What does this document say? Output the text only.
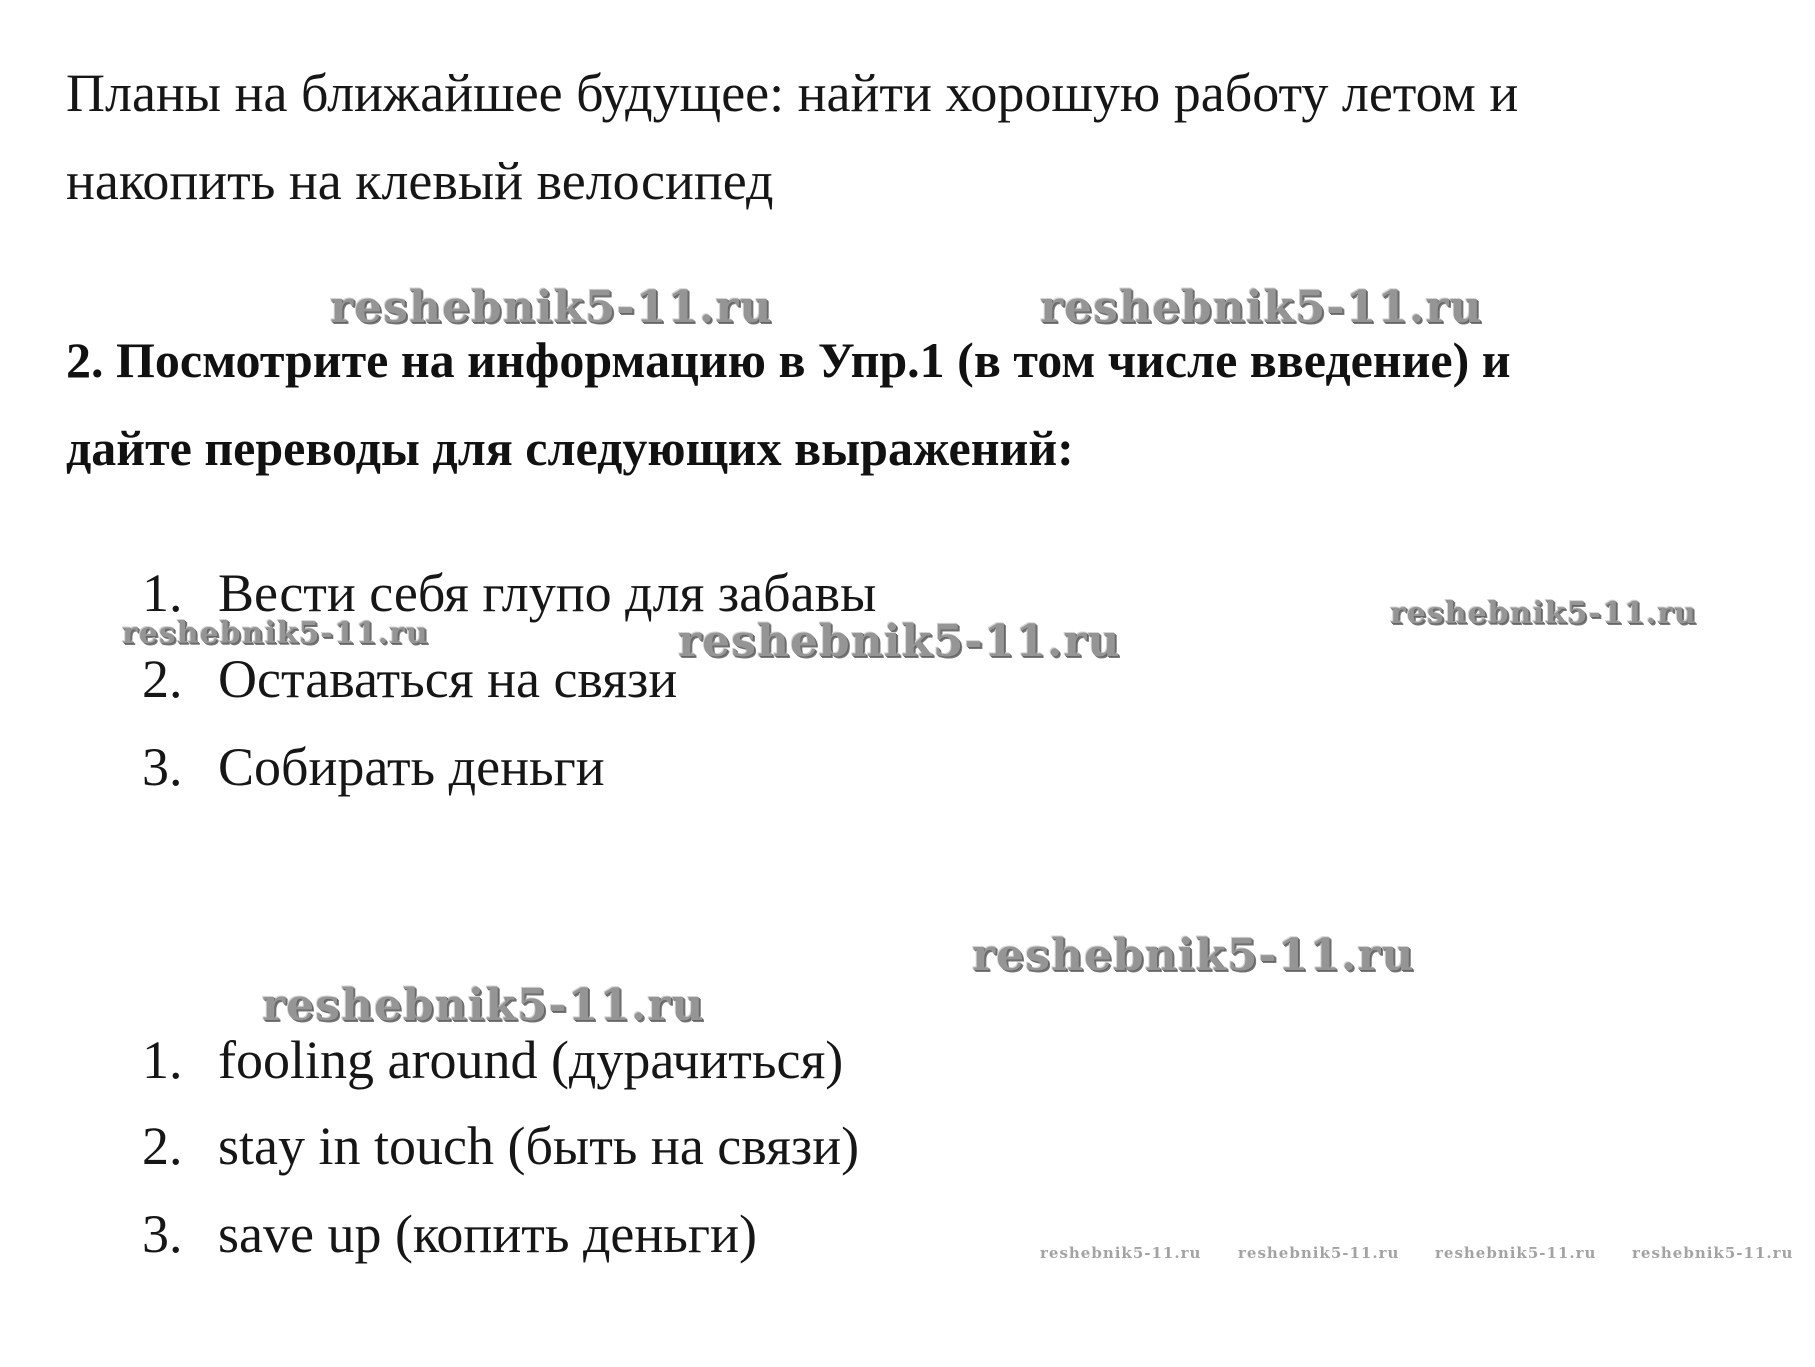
Планы на ближайшее будущее: найти хорошую работу летом и
накопить на клевый велосипед
2. Посмотрите на информацию в Упр.1 (в том числе введение) и
дайте переводы для следующих выражений:
1. Вести себя глупо для забавы
2. Оставаться на связи
3. Собирать деньги
1. fooling around (дурачиться)
2. stay in touch (быть на связи)
3. save up (копить деньги)
reshebnik5-11.ru	reshebnik5-11.ru
reshebnik5-11.ru	reshebnik5-11.ru
reshebnik5-11.ru
reshebnik5-11.ru
reshebnik5-11.ru
reshebnik5-11.ru reshebnik5-11.ru reshebnik5-11.ru reshebnik5-11.ru
